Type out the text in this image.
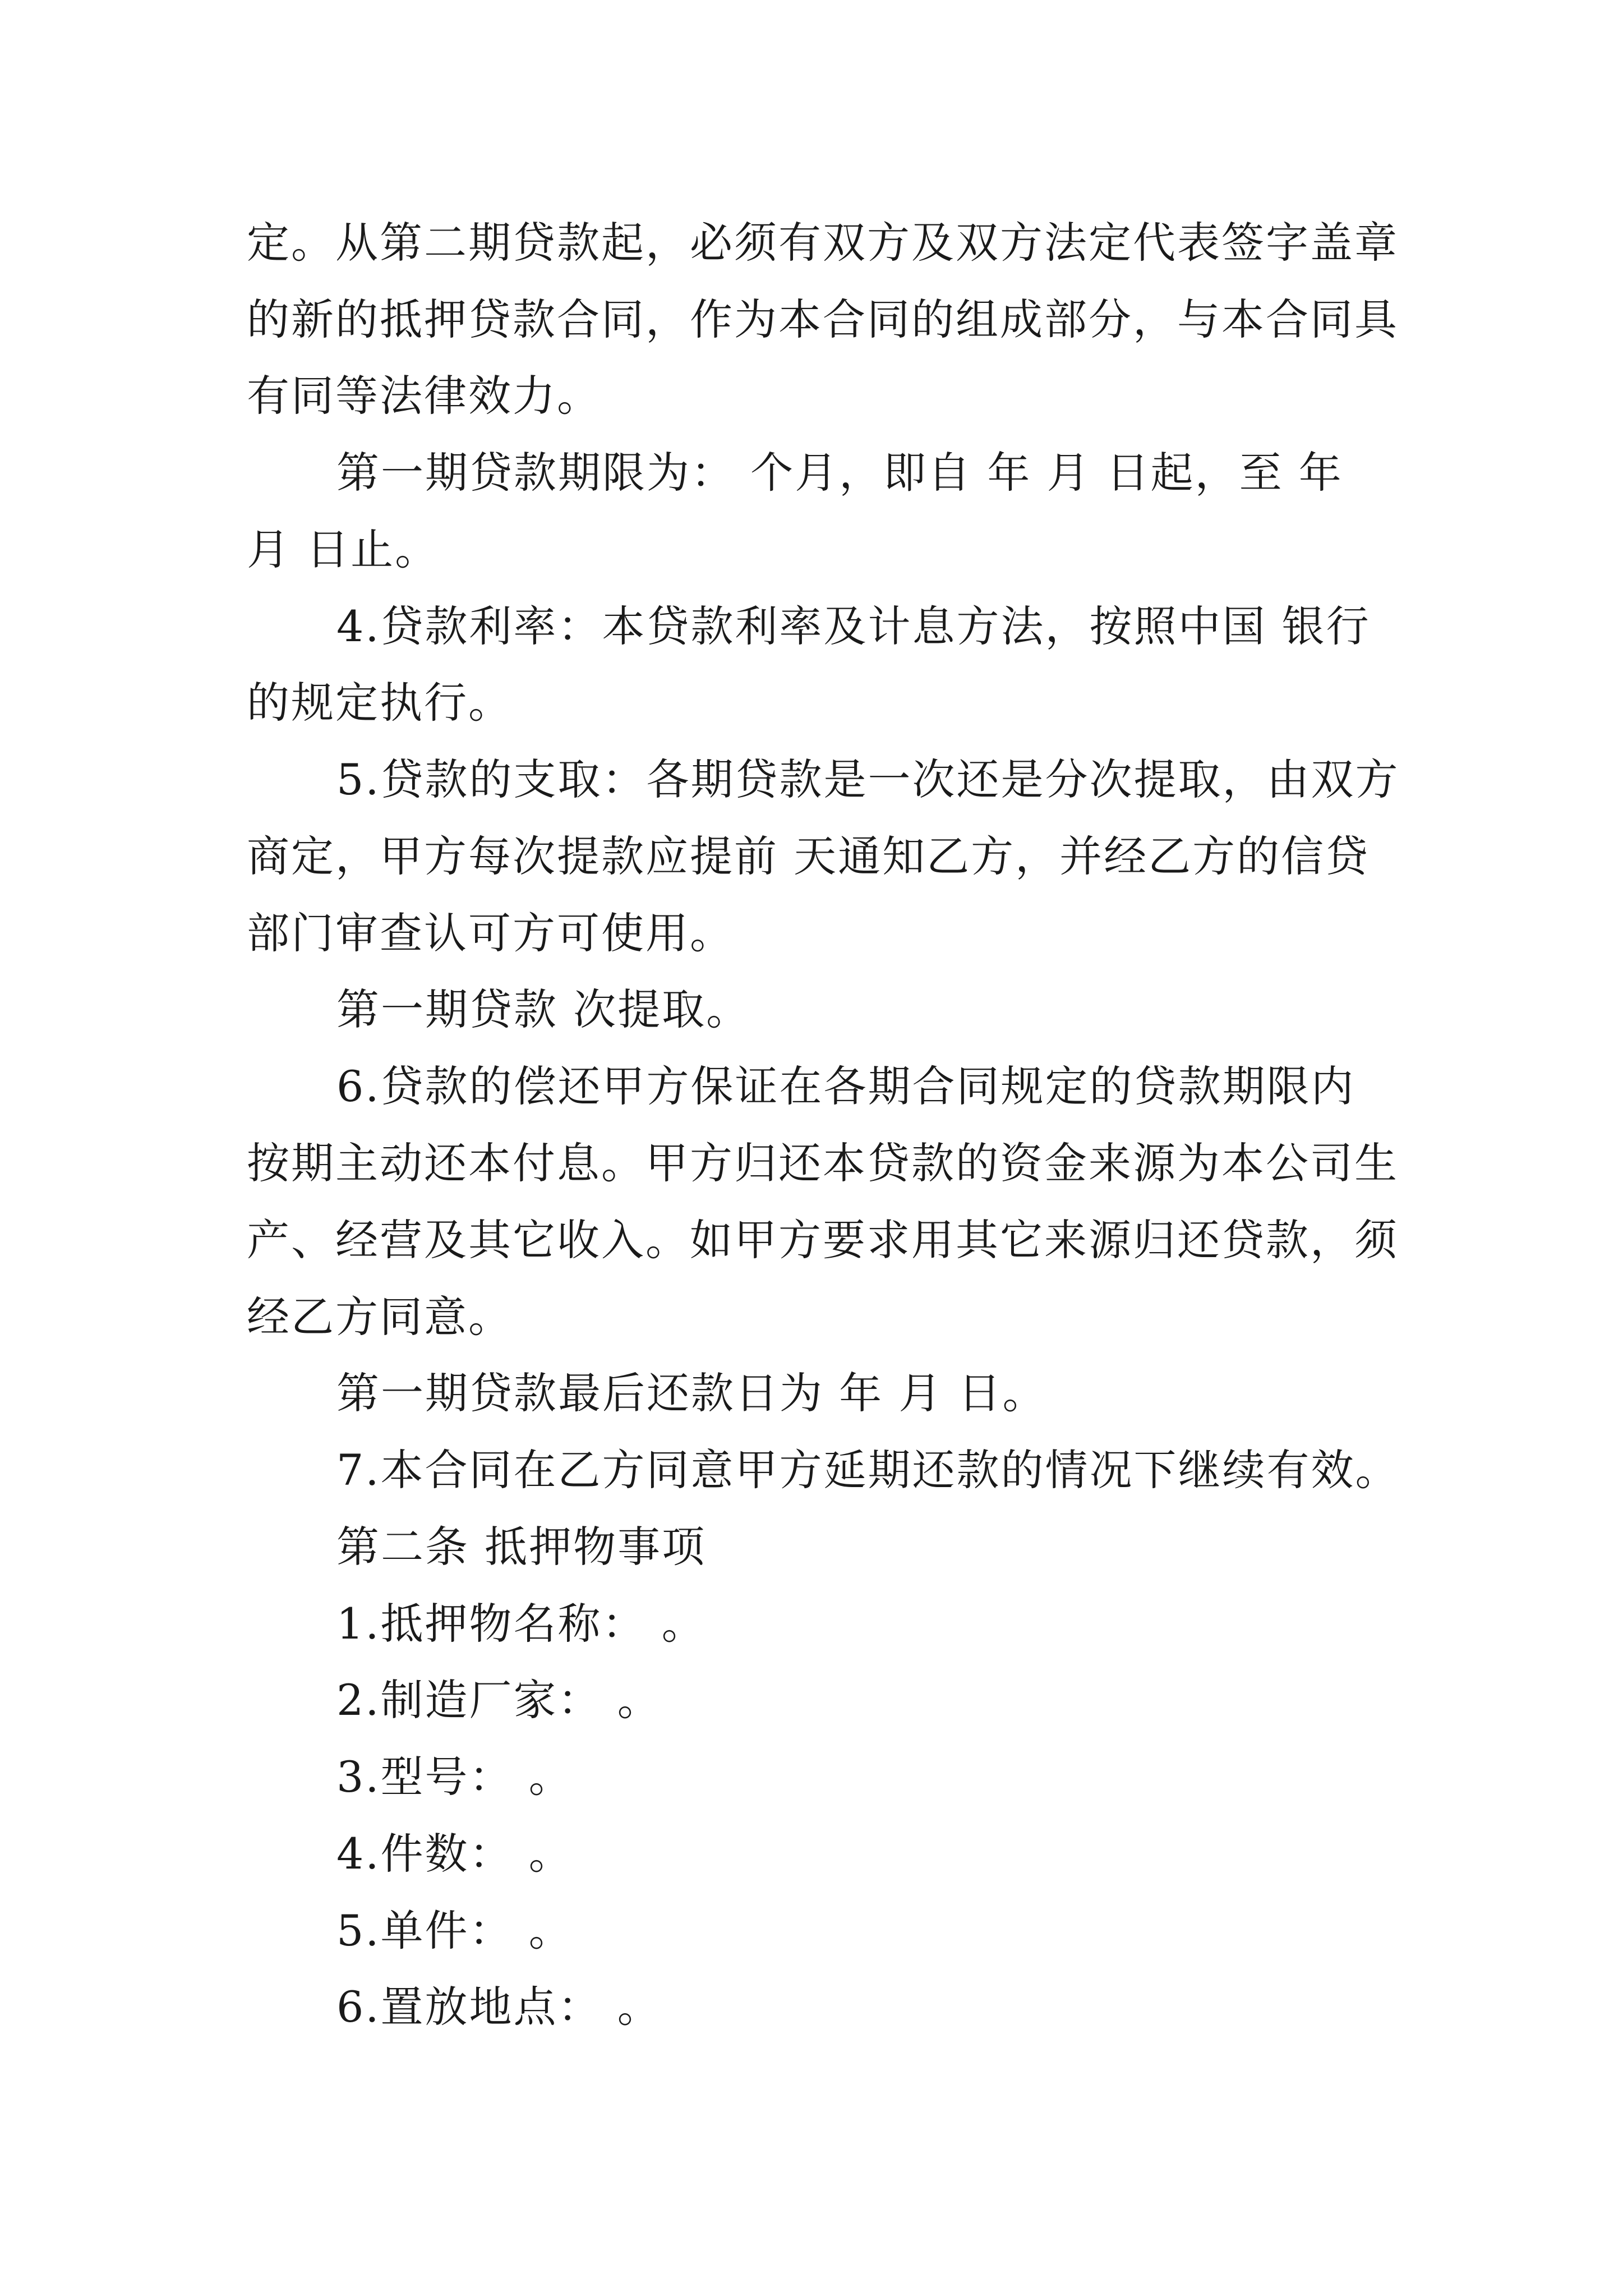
定。从第二期贷款起，必须有双方及双方法定代表签字盖章
的新的抵押贷款合同，作为本合同的组成部分，与本合同具
有同等法律效力。
第一期贷款期限为： 个月，即自 年 月 日起，至 年
月 日止。
4.贷款利率：本贷款利率及计息方法，按照中国 银行
的规定执行。
5.贷款的支取：各期贷款是一次还是分次提取，由双方
商定，甲方每次提款应提前 天通知乙方，并经乙方的信贷
部门审查认可方可使用。
第一期贷款 次提取。
6.贷款的偿还甲方保证在各期合同规定的贷款期限内
按期主动还本付息。甲方归还本贷款的资金来源为本公司生
产、经营及其它收入。如甲方要求用其它来源归还贷款，须
经乙方同意。
第一期贷款最后还款日为 年 月 日。
7.本合同在乙方同意甲方延期还款的情况下继续有效。
第二条 抵押物事项
1.抵押物名称： 。
2.制造厂家： 。
3.型号： 。
4.件数： 。
5.单件： 。
6.置放地点： 。
